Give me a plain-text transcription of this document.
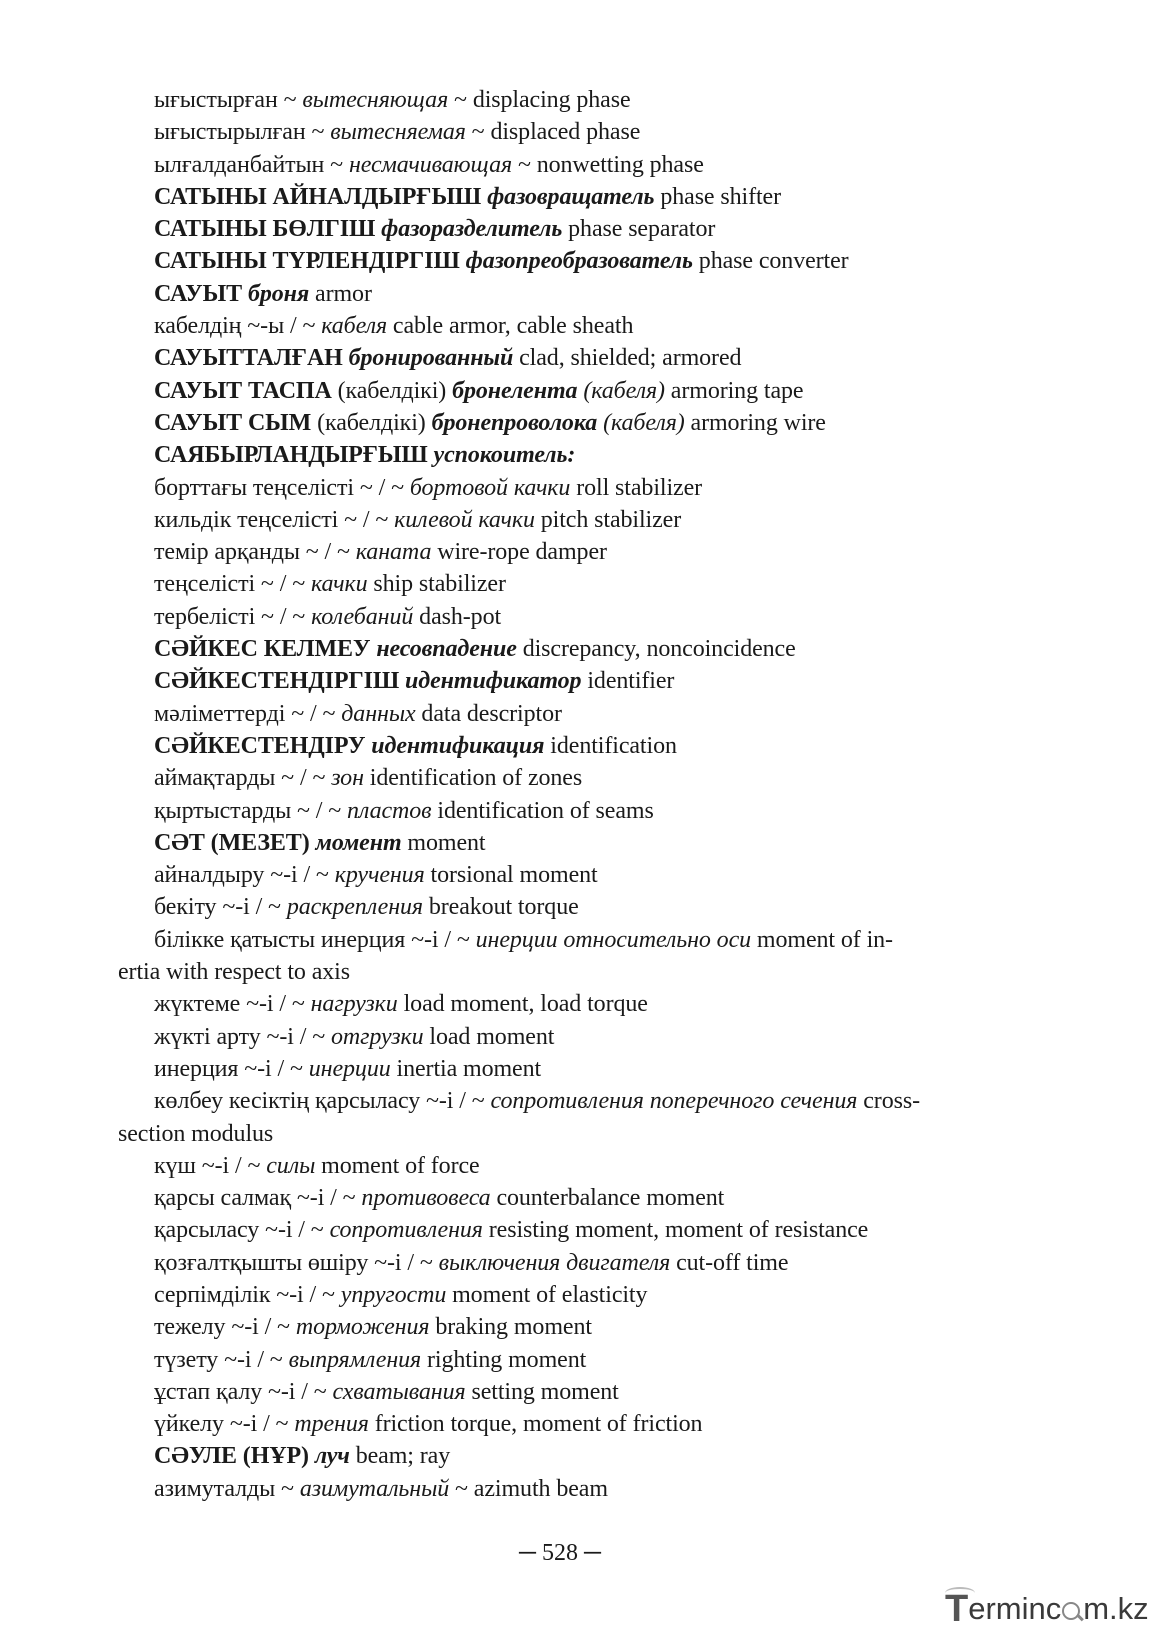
ығыстырған ~ вытесняющая ~ displacing phase
ығыстырылған ~ вытесняемая ~ displaced phase
ылғалданбайтын ~ несмачивающая ~ nonwetting phase
САТЫНЫ АЙНАЛДЫРҒЫШ фазовращатель phase shifter
САТЫНЫ БӨЛГІШ фазоразделитель phase separator
САТЫНЫ ТҮРЛЕНДІРГІШ фазопреобразователь phase converter
САУЫТ броня armor
кабелдің ~-ы / ~ кабеля cable armor, cable sheath
САУЫТТАЛҒАН бронированный clad, shielded; armored
САУЫТ ТАСПА (кабелдікі) бронелента (кабеля) armoring tape
САУЫТ СЫМ (кабелдікі) бронепроволока (кабеля) armoring wire
САЯБЫРЛАНДЫРҒЫШ успокоитель:
борттағы теңселісті ~ / ~ бортовой качки roll stabilizer
кильдік теңселісті ~ / ~ килевой качки pitch stabilizer
темір арқанды ~ / ~ каната wire-rope damper
теңселісті ~ / ~ качки ship stabilizer
тербелісті ~ / ~ колебаний dash-pot
СӘЙКЕС КЕЛМЕУ несовпадение discrepancy, noncoincidence
СӘЙКЕСТЕНДІРГІШ идентификатор identifier
мәліметтерді ~ / ~ данных data descriptor
СӘЙКЕСТЕНДІРУ идентификация identification
аймақтарды ~ / ~ зон identification of zones
қыртыстарды ~ / ~ пластов identification of seams
СӘТ (МЕЗЕТ) момент moment
айналдыру ~-і / ~ кручения torsional moment
бекіту ~-і / ~ раскрепления breakout torque
білікке қатысты инерция ~-і / ~ инерции относительно оси moment of in-
ertia with respect to axis
жүктеме ~-і / ~ нагрузки load moment, load torque
жүкті арту ~-і / ~ отгрузки load moment
инерция ~-і / ~ инерции inertia moment
көлбеу кесіктің қарсыласу ~-і / ~ сопротивления поперечного сечения cross-
section modulus
күш ~-і / ~ силы moment of force
қарсы салмақ ~-і / ~ противовеса counterbalance moment
қарсыласу ~-і / ~ сопротивления resisting moment, moment of resistance
қозғалтқышты өшіру ~-і / ~ выключения двигателя cut-off time
серпімділік ~-і / ~ упругости moment of elasticity
тежелу ~-і / ~ торможения braking moment
түзету ~-і / ~ выпрямления righting moment
ұстап қалу ~-і / ~ схватывания setting moment
үйкелу ~-і / ~ трения friction torque, moment of friction
СӘУЛЕ (НҰР) луч beam; ray
азимуталды ~ азимутальный ~ azimuth beam
─ 528 ─
Terminc m.kz
